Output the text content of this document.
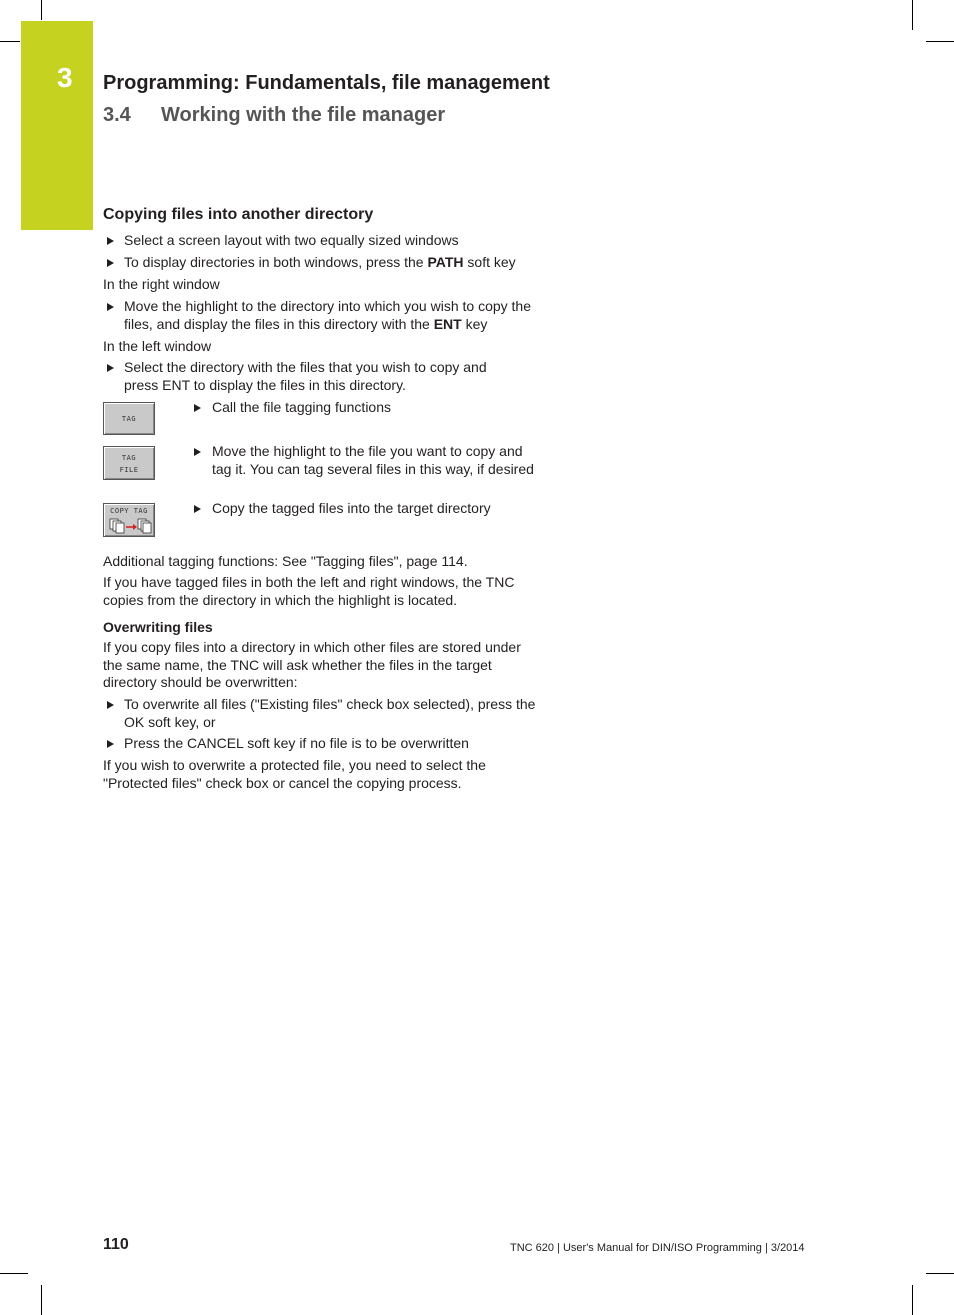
3 Programming: Fundamentals, file management
3.4 Working with the file manager
Copying files into another directory
Select a screen layout with two equally sized windows
To display directories in both windows, press the PATH soft key
In the right window
Move the highlight to the directory into which you wish to copy the files, and display the files in this directory with the ENT key
In the left window
Select the directory with the files that you wish to copy and press ENT to display the files in this directory.
TAG
Call the file tagging functions
TAG
FILE
Move the highlight to the file you want to copy and tag it. You can tag several files in this way, if desired
COPY TAG	Copy the tagged files into the target directory
Additional tagging functions: See "Tagging files", page 114.
If you have tagged files in both the left and right windows, the TNC copies from the directory in which the highlight is located.
Overwriting files
If you copy files into a directory in which other files are stored under the same name, the TNC will ask whether the files in the target directory should be overwritten:
To overwrite all files ("Existing files" check box selected), press the OK soft key, or
Press the CANCEL soft key if no file is to be overwritten
If you wish to overwrite a protected file, you need to select the "Protected files" check box or cancel the copying process.
110	TNC 620 | User's Manual for DIN/ISO Programming | 3/2014
